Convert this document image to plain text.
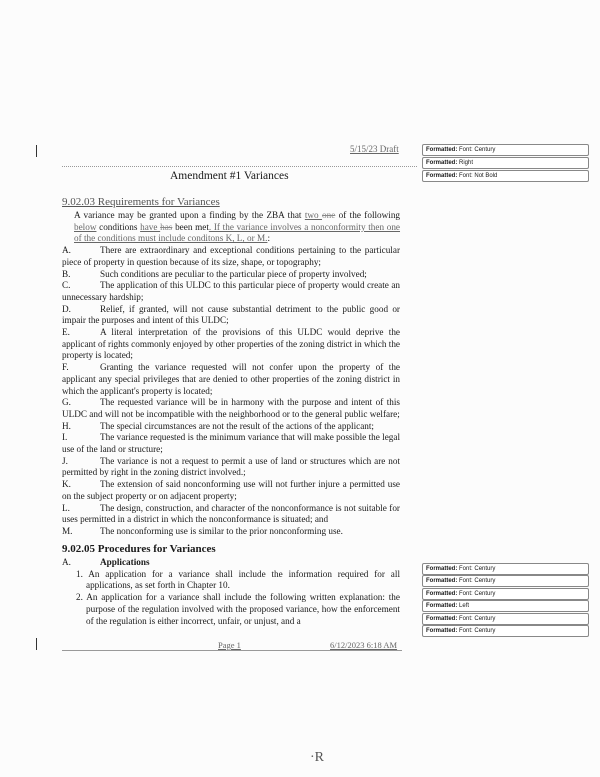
5/15/23 Draft
Amendment #1 Variances
9.02.03 Requirements for Variances
A variance may be granted upon a finding by the ZBA that two one of the following below conditions have has been met. If the variance involves a nonconformity then one of the conditions must include conditons K, L, or M.:
A.	There are extraordinary and exceptional conditions pertaining to the particular piece of property in question because of its size, shape, or topography;
B.	Such conditions are peculiar to the particular piece of property involved;
C.	The application of this ULDC to this particular piece of property would create an unnecessary hardship;
D.	Relief, if granted, will not cause substantial detriment to the public good or impair the purposes and intent of this ULDC;
E.	A literal interpretation of the provisions of this ULDC would deprive the applicant of rights commonly enjoyed by other properties of the zoning district in which the property is located;
F.	Granting the variance requested will not confer upon the property of the applicant any special privileges that are denied to other properties of the zoning district in which the applicant's property is located;
G.	The requested variance will be in harmony with the purpose and intent of this ULDC and will not be incompatible with the neighborhood or to the general public welfare;
H.	The special circumstances are not the result of the actions of the applicant;
I.	The variance requested is the minimum variance that will make possible the legal use of the land or structure;
J.	The variance is not a request to permit a use of land or structures which are not permitted by right in the zoning district involved.;
K.	The extension of said nonconforming use will not further injure a permitted use on the subject property or on adjacent property;
L.	The design, construction, and character of the nonconformance is not suitable for uses permitted in a district in which the nonconformance is situated; and
M.	The nonconforming use is similar to the prior nonconforming use.
9.02.05 Procedures for Variances
A.	Applications
1. An application for a variance shall include the information required for all applications, as set forth in Chapter 10.
2. An application for a variance shall include the following written explanation: the purpose of the regulation involved with the proposed variance, how the enforcement of the regulation is either incorrect, unfair, or unjust, and a
Page 1	6/12/2023 6:18 AM
·R
Formatted: Font: Century
Formatted: Right
Formatted: Font: Not Bold
Formatted: Font: Century
Formatted: Font: Century
Formatted: Font: Century
Formatted: Left
Formatted: Font: Century
Formatted: Font: Century
